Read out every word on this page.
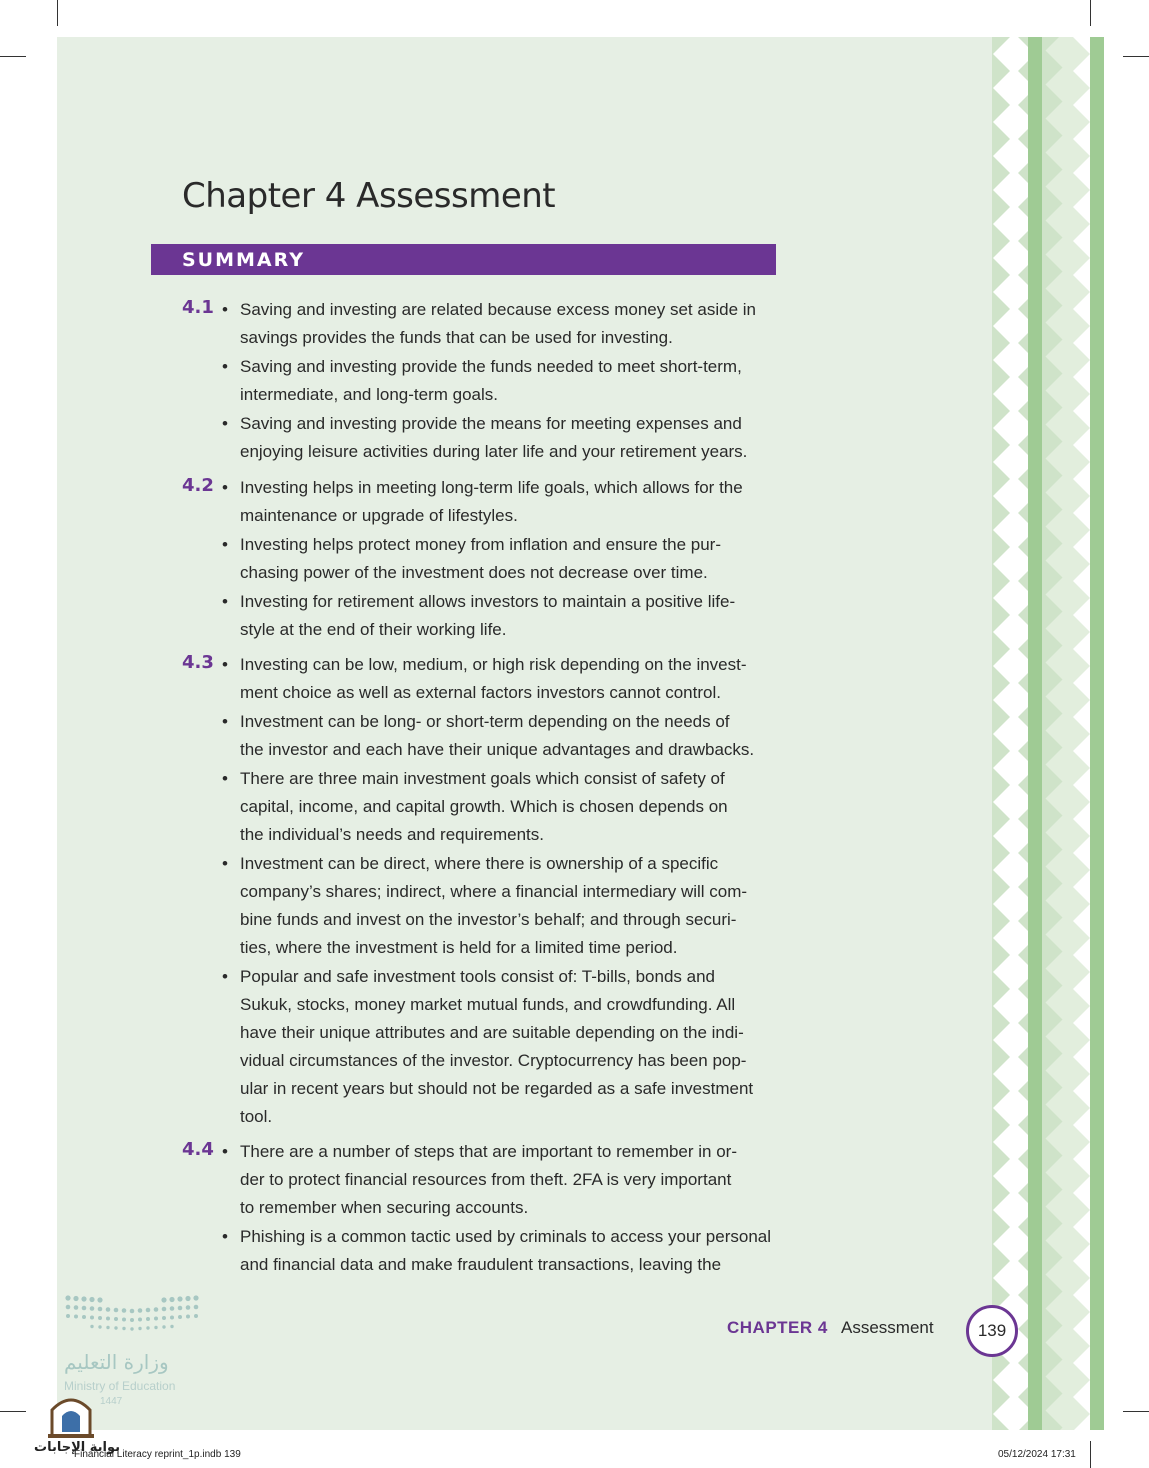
Chapter 4 Assessment
SUMMARY
4.1 • Saving and investing are related because excess money set aside in
savings provides the funds that can be used for investing.
• Saving and investing provide the funds needed to meet short-term,
intermediate, and long-term goals.
• Saving and investing provide the means for meeting expenses and
enjoying leisure activities during later life and your retirement years.
4.2 • Investing helps in meeting long-term life goals, which allows for the
maintenance or upgrade of lifestyles.
• Investing helps protect money from inflation and ensure the pur-
chasing power of the investment does not decrease over time.
• Investing for retirement allows investors to maintain a positive life-
style at the end of their working life.
4.3 • Investing can be low, medium, or high risk depending on the invest-
ment choice as well as external factors investors cannot control.
• Investment can be long- or short-term depending on the needs of
the investor and each have their unique advantages and drawbacks.
• There are three main investment goals which consist of safety of
capital, income, and capital growth. Which is chosen depends on
the individual’s needs and requirements.
• Investment can be direct, where there is ownership of a specific
company’s shares; indirect, where a financial intermediary will com-
bine funds and invest on the investor’s behalf; and through securi-
ties, where the investment is held for a limited time period.
• Popular and safe investment tools consist of: T-bills, bonds and
Sukuk, stocks, money market mutual funds, and crowdfunding. All
have their unique attributes and are suitable depending on the indi-
vidual circumstances of the investor. Cryptocurrency has been pop-
ular in recent years but should not be regarded as a safe investment
tool.
4.4 • There are a number of steps that are important to remember in or-
der to protect financial resources from theft. 2FA is very important
to remember when securing accounts.
• Phishing is a common tactic used by criminals to access your personal
and financial data and make fraudulent transactions, leaving the
CHAPTER 4 Assessment	139
وزارة التعليم
Ministry of Education
1447
بوابة الإجابات
Financial Literacy reprint_1p.indb 139	05/12/2024 17:31
